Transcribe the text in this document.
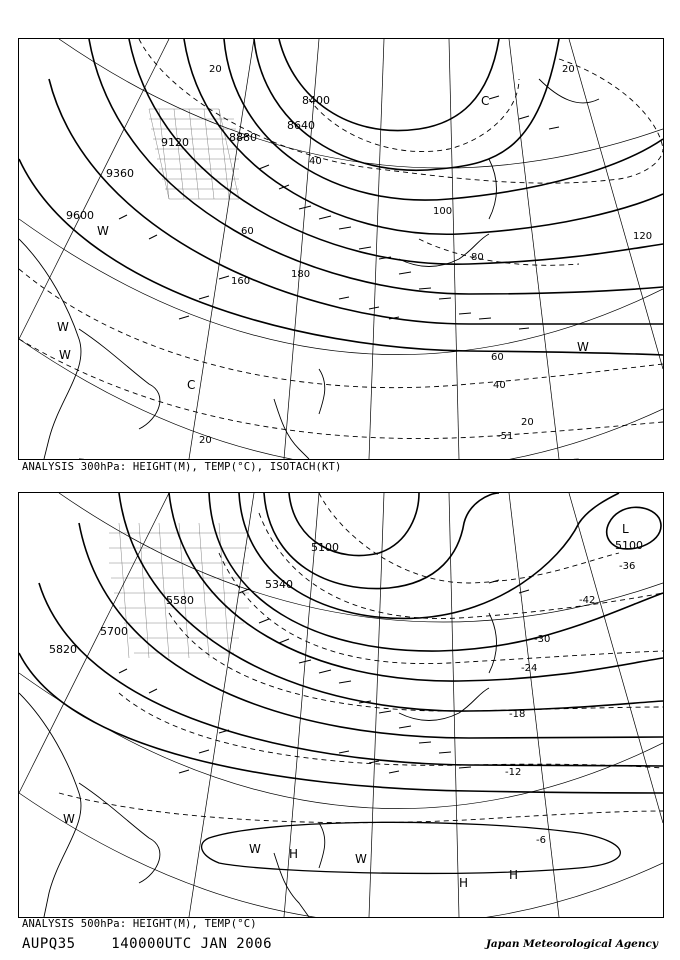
8400
8640
8880
9120
9360
9600
20
40
60
100
120
160
180
80
60
40
20
20
20
-51
C
C
W
W
W
W
ANALYSIS 300hPa: HEIGHT(M), TEMP(°C), ISOTACH(KT)
5100
5340
5580
5700
5820
5100
-42
-36
-30
-24
-18
-12
-6
L
W
W H	W
H
H
ANALYSIS 500hPa: HEIGHT(M), TEMP(°C)
AUPQ35	140000UTC JAN 2006	Japan Meteorological Agency
